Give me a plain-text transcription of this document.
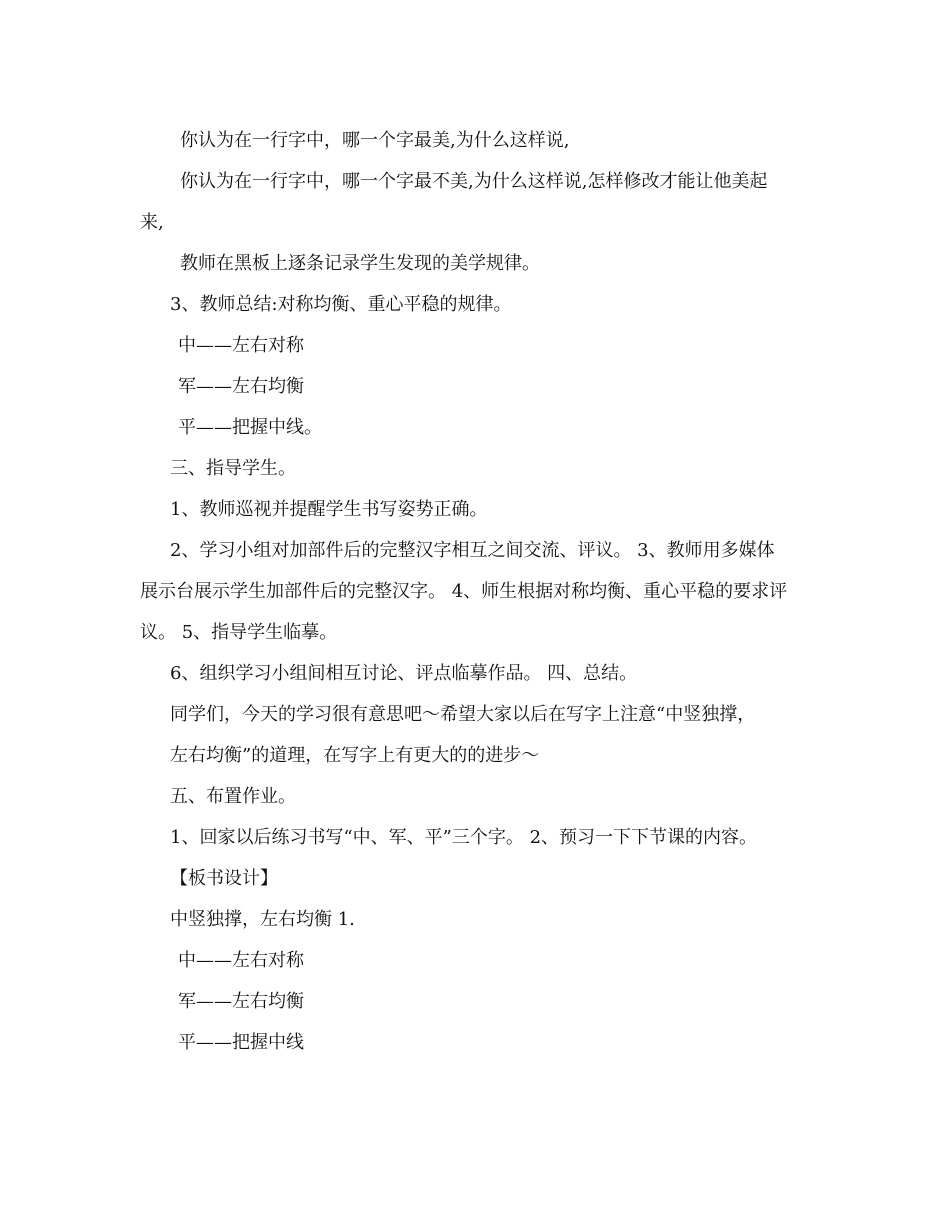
你认为在一行字中，哪一个字最美,为什么这样说,
你认为在一行字中，哪一个字最不美,为什么这样说,怎样修改才能让他美起
来,
教师在黑板上逐条记录学生发现的美学规律。
3、教师总结:对称均衡、重心平稳的规律。
中——左右对称
军——左右均衡
平——把握中线。
三、指导学生。
1、教师巡视并提醒学生书写姿势正确。
2、学习小组对加部件后的完整汉字相互之间交流、评议。 3、教师用多媒体
展示台展示学生加部件后的完整汉字。 4、师生根据对称均衡、重心平稳的要求评
议。 5、指导学生临摹。
6、组织学习小组间相互讨论、评点临摹作品。 四、总结。
同学们，今天的学习很有意思吧～希望大家以后在写字上注意“中竖独撑，
左右均衡”的道理，在写字上有更大的的进步～
五、布置作业。
1、回家以后练习书写“中、军、平”三个字。 2、预习一下下节课的内容。
【板书设计】
中竖独撑，左右均衡 1.
中——左右对称
军——左右均衡
平——把握中线
